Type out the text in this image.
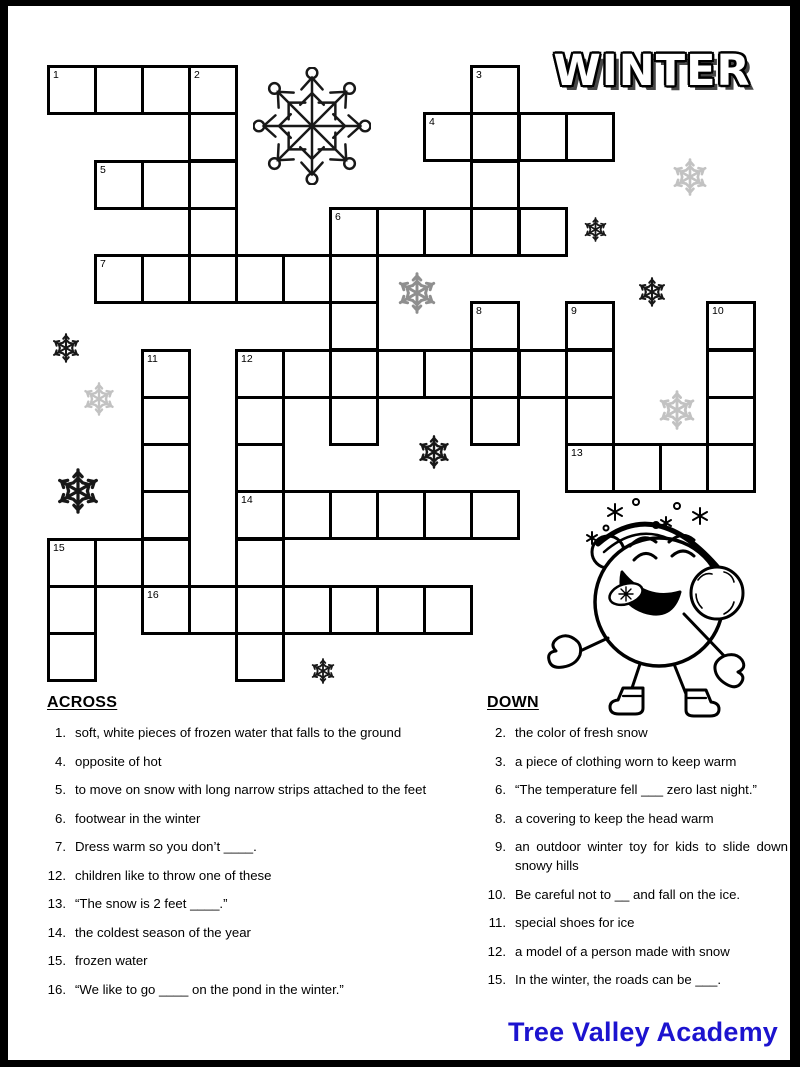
WINTER
1	2	3
4
5
6
7
8	9
13
10
11
16
12
14
15
ACROSS
1. soft, white pieces of frozen water that falls to the ground
4. opposite of hot
5. to move on snow with long narrow strips attached to the feet
6. footwear in the winter
7. Dress warm so you don’t ____.
12. children like to throw one of these
13. “The snow is 2 feet ____.”
14. the coldest season of the year
15. frozen water
16. “We like to go ____ on the pond in the winter.”
DOWN
2. the color of fresh snow
3. a piece of clothing worn to keep warm
6. “The temperature fell ___ zero last night.”
8. a covering to keep the head warm
9. an outdoor winter toy for kids to slide down snowy hills
10. Be careful not to __ and fall on the ice.
11. special shoes for ice
12. a model of a person made with snow
15. In the winter, the roads can be ___.
Tree Valley Academy
